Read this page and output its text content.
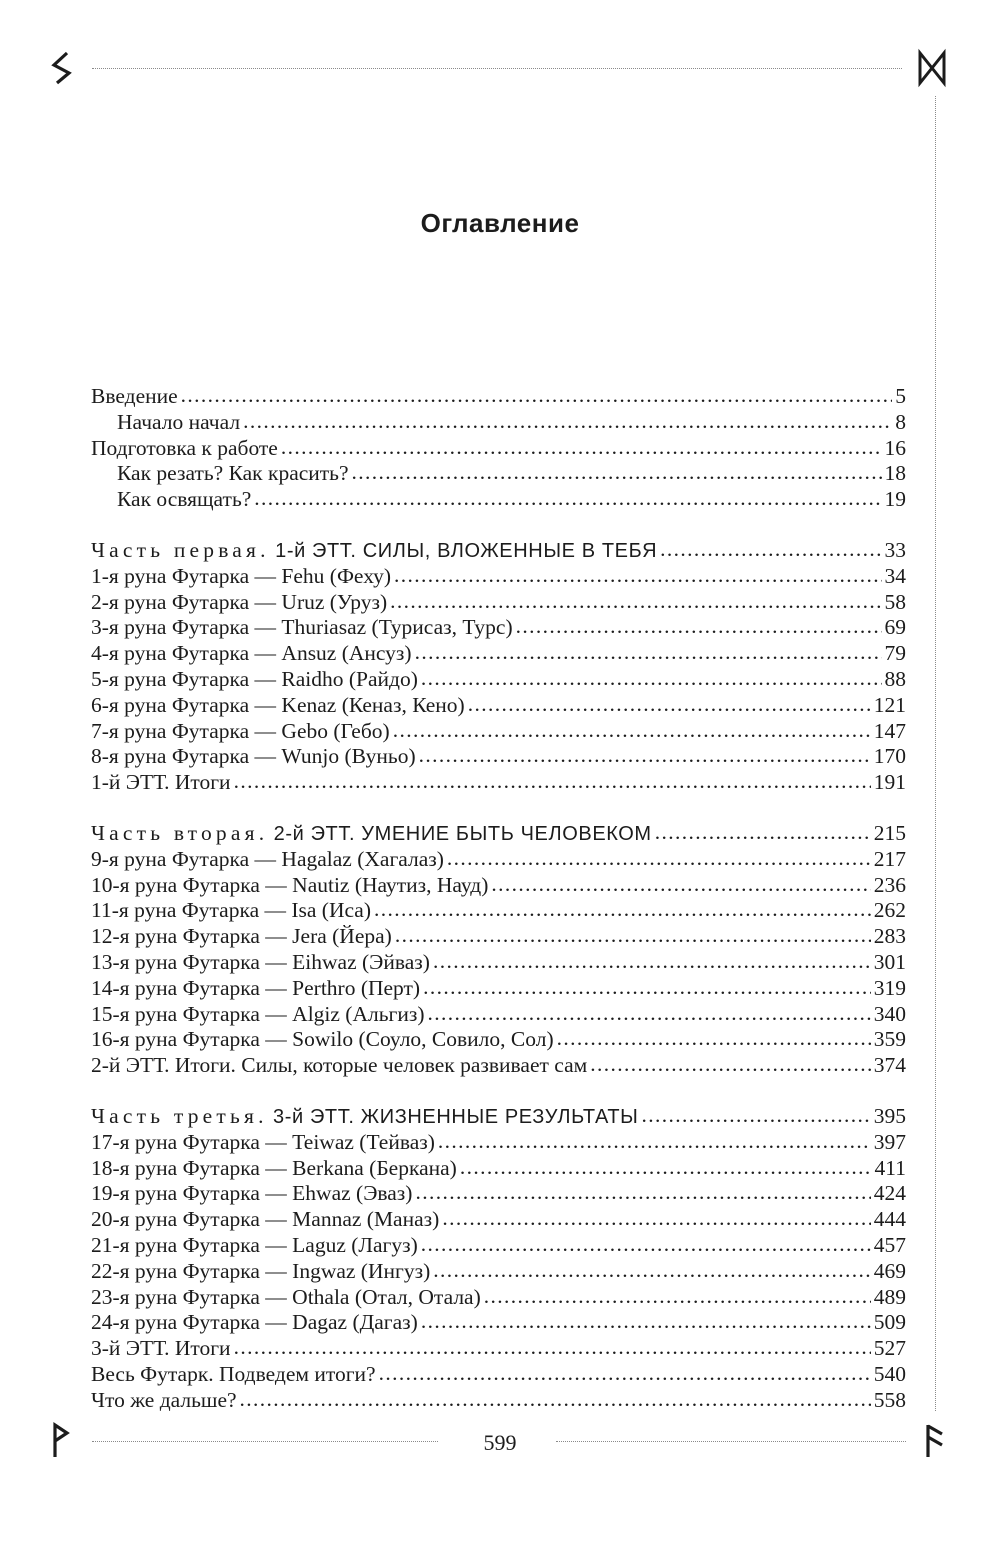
Оглавление
Введение . . .	5
Начало начал . . .	8
Подготовка к работе . . .	16
Как резать? Как красить? . . .	18
Как освящать? . . .	19
Часть первая. 1-й ЭТТ. СИЛЫ, ВЛОЖЕННЫЕ В ТЕБЯ . . .	33
1-я руна Футарка — Fehu (Феху) . . .	34
2-я руна Футарка — Uruz (Уруз) . . .	58
3-я руна Футарка — Thuriasaz (Турисаз, Турс) . . .	69
4-я руна Футарка — Ansuz (Ансуз) . . .	79
5-я руна Футарка — Raidho (Райдо) . . .	88
6-я руна Футарка — Kenaz (Кеназ, Кено) . . .	121
7-я руна Футарка — Gebo (Гебо) . . .	147
8-я руна Футарка — Wunjo (Вуньо) . . .	170
1-й ЭТТ. Итоги . . .	191
Часть вторая. 2-й ЭТТ. УМЕНИЕ БЫТЬ ЧЕЛОВЕКОМ . . .	215
9-я руна Футарка — Hagalaz (Хагалаз) . . .	217
10-я руна Футарка — Nautiz (Наутиз, Науд) . . .	236
11-я руна Футарка — Isa (Иса) . . .	262
12-я руна Футарка — Jera (Йера) . . .	283
13-я руна Футарка — Eihwaz (Эйваз) . . .	301
14-я руна Футарка — Perthro (Перт) . . .	319
15-я руна Футарка — Algiz (Альгиз) . . .	340
16-я руна Футарка — Sowilo (Соуло, Совило, Сол) . . .	359
2-й ЭТТ. Итоги. Силы, которые человек развивает сам . . .	374
Часть третья. 3-й ЭТТ. ЖИЗНЕННЫЕ РЕЗУЛЬТАТЫ . . .	395
17-я руна Футарка — Teiwaz (Тейваз) . . .	397
18-я руна Футарка — Berkana (Беркана) . . .	411
19-я руна Футарка — Ehwaz (Эваз) . . .	424
20-я руна Футарка — Mannaz (Маназ) . . .	444
21-я руна Футарка — Laguz (Лагуз) . . .	457
22-я руна Футарка — Ingwaz (Ингуз) . . .	469
23-я руна Футарка — Othala (Отал, Отала) . . .	489
24-я руна Футарка — Dagaz (Дагаз) . . .	509
3-й ЭТТ. Итоги . . .	527
Весь Футарк. Подведем итоги? . . .	540
Что же дальше? . . .	558
599
